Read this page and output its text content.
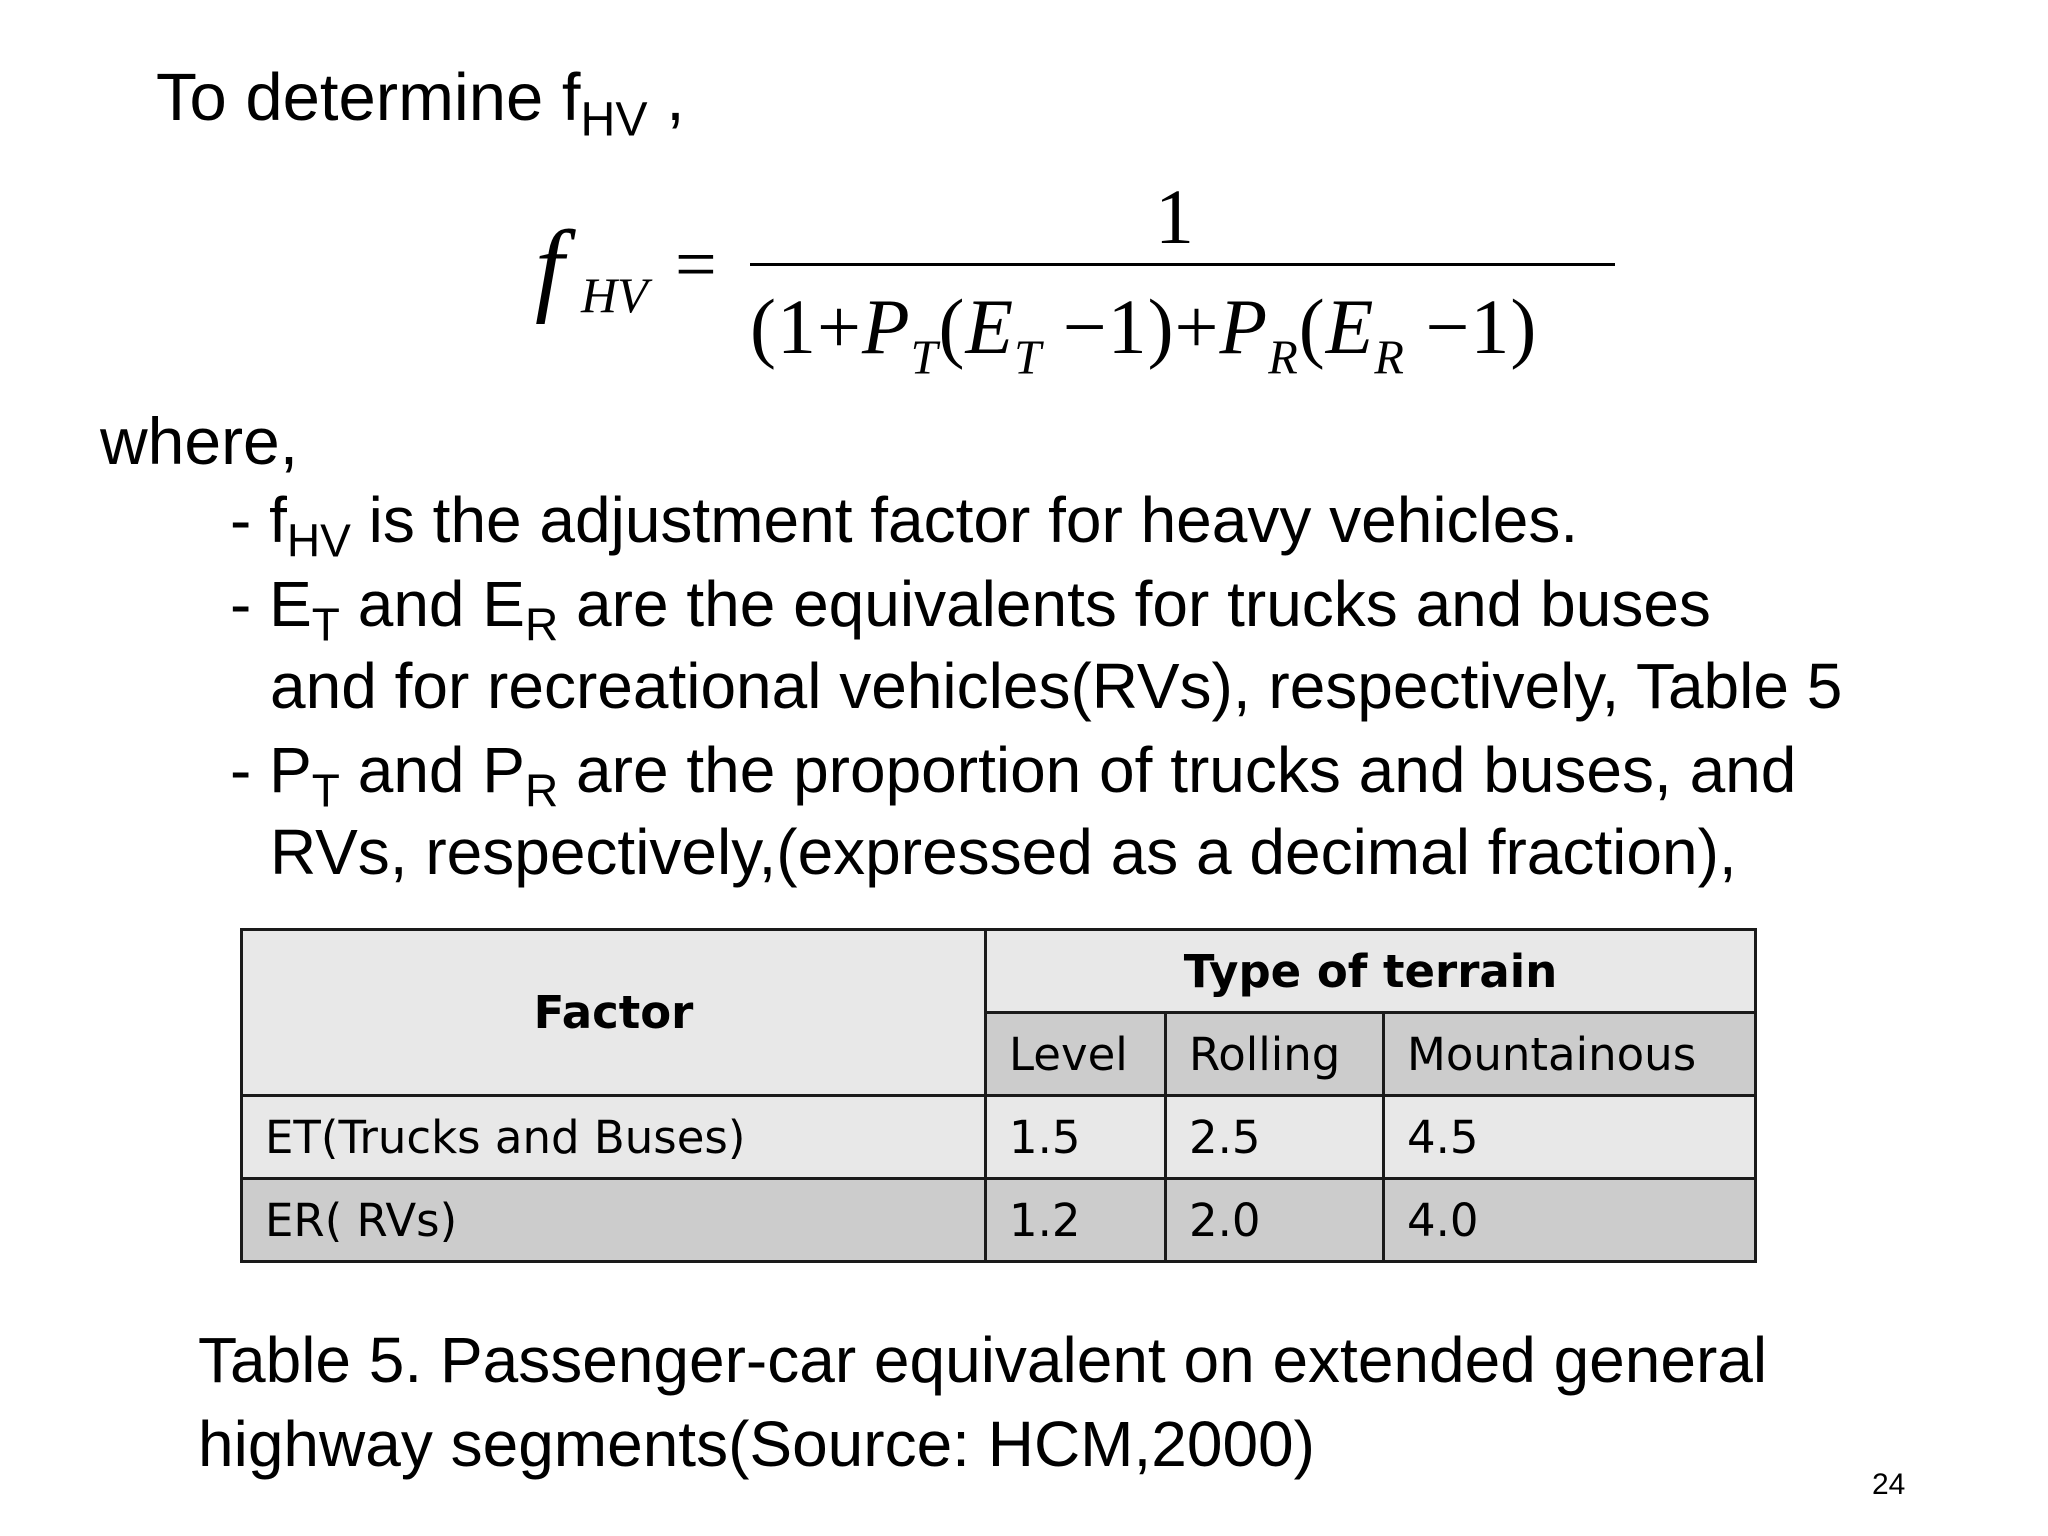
To determine $f_{HV}$ ,
f HV =
1
($1+P_T(E_T -1)+P_R(E_R -1)$
where,
- $f_{HV}$ is the adjustment factor for heavy vehicles.
- $E_T$ and $E_R$ are the equivalents for trucks and buses
and for recreational vehicles(RVs), respectively, Table 5
- $P_T$ and $P_R$ are the proportion of trucks and buses, and
RVs, respectively,(expressed as a decimal fraction),
Factor	Type of terrain		
	Level	Rolling	Mountainous
ET(Trucks and Buses)	1.5	2.5	4.5
ER( RVs)	1.2	2.0	4.0
Table 5. Passenger-car equivalent on extended general highway segments(Source: HCM,2000)
24
